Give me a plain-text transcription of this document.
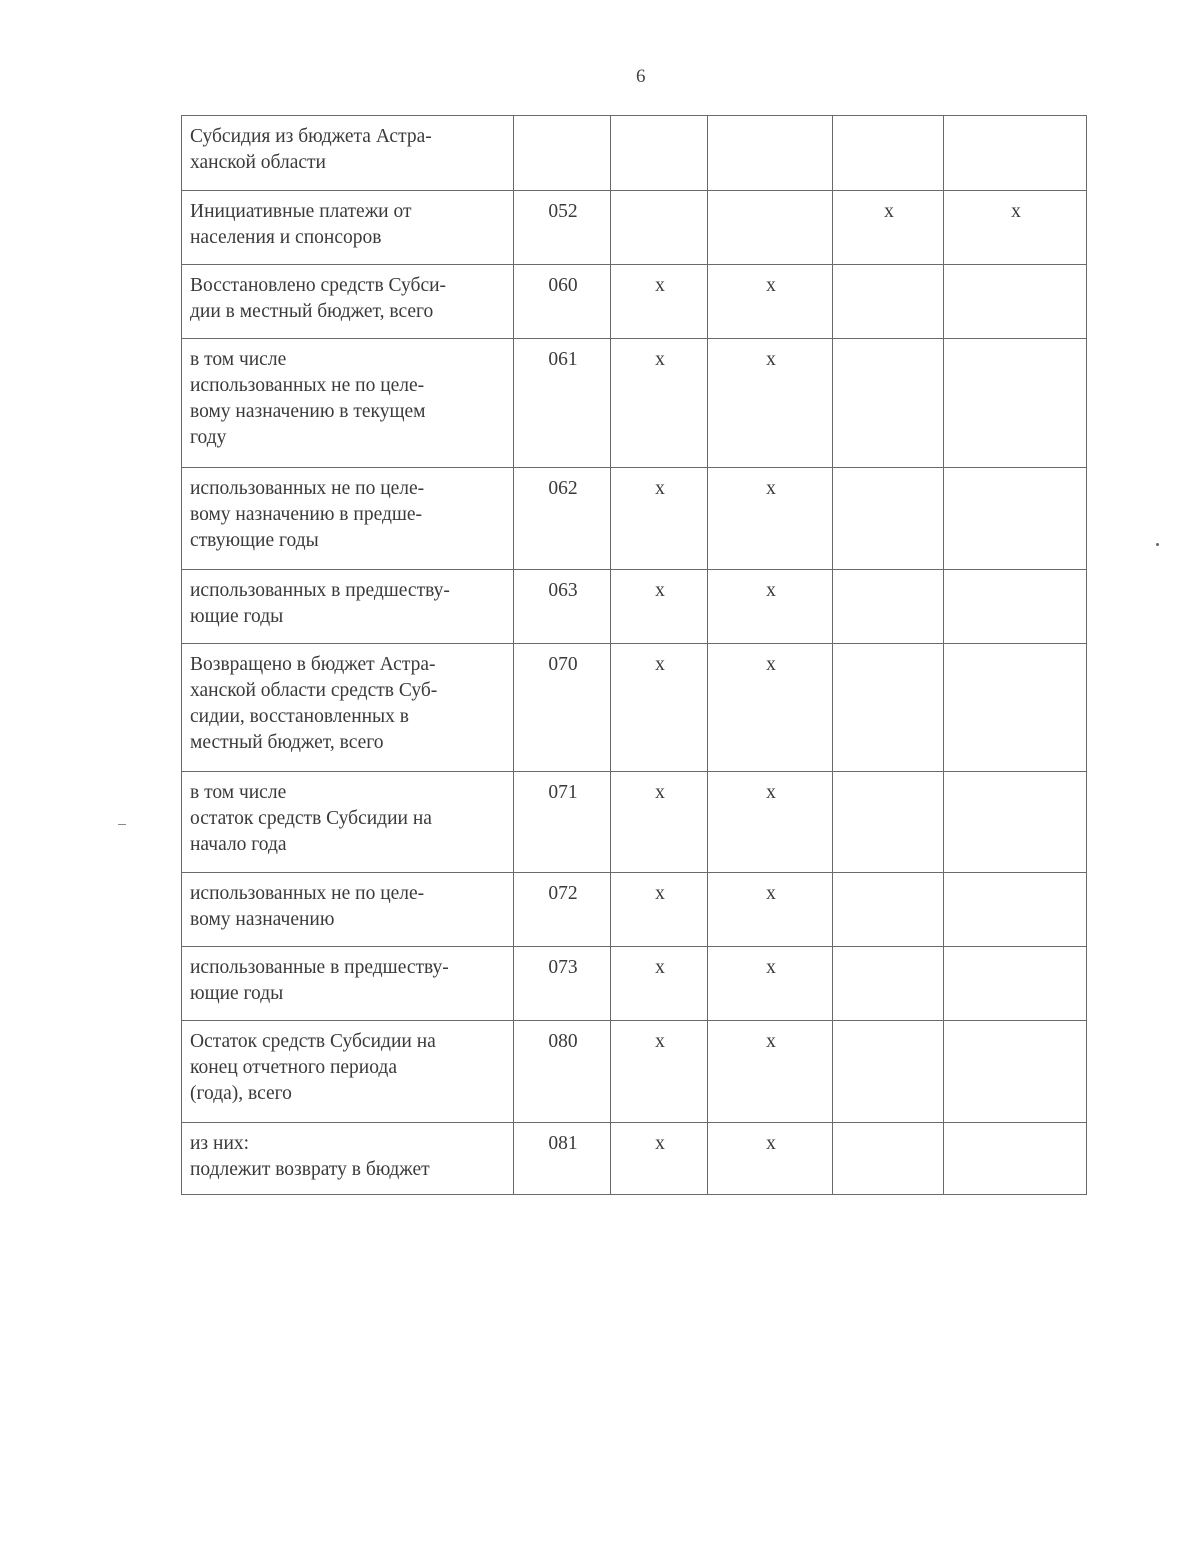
6
Субсидия из бюджета Астра-
ханской области					
Инициативные платежи от
населения и спонсоров	052			x	x
Восстановлено средств Субси-
дии в местный бюджет, всего	060	x	x		
в том числе
использованных не по целе-
вому назначению в текущем
году	061	x	x		
использованных не по целе-
вому назначению в предше-
ствующие годы	062	x	x		
использованных в предшеству-
ющие годы	063	x	x		
Возвращено в бюджет Астра-
ханской области средств Суб-
сидии, восстановленных в
местный бюджет, всего	070	x	x		
в том числе
остаток средств Субсидии на
начало года	071	x	x		
использованных не по целе-
вому назначению	072	x	x		
использованные в предшеству-
ющие годы	073	x	x		
Остаток средств Субсидии на
конец отчетного периода
(года), всего	080	x	x		
из них:
подлежит возврату в бюджет	081	x	x		
